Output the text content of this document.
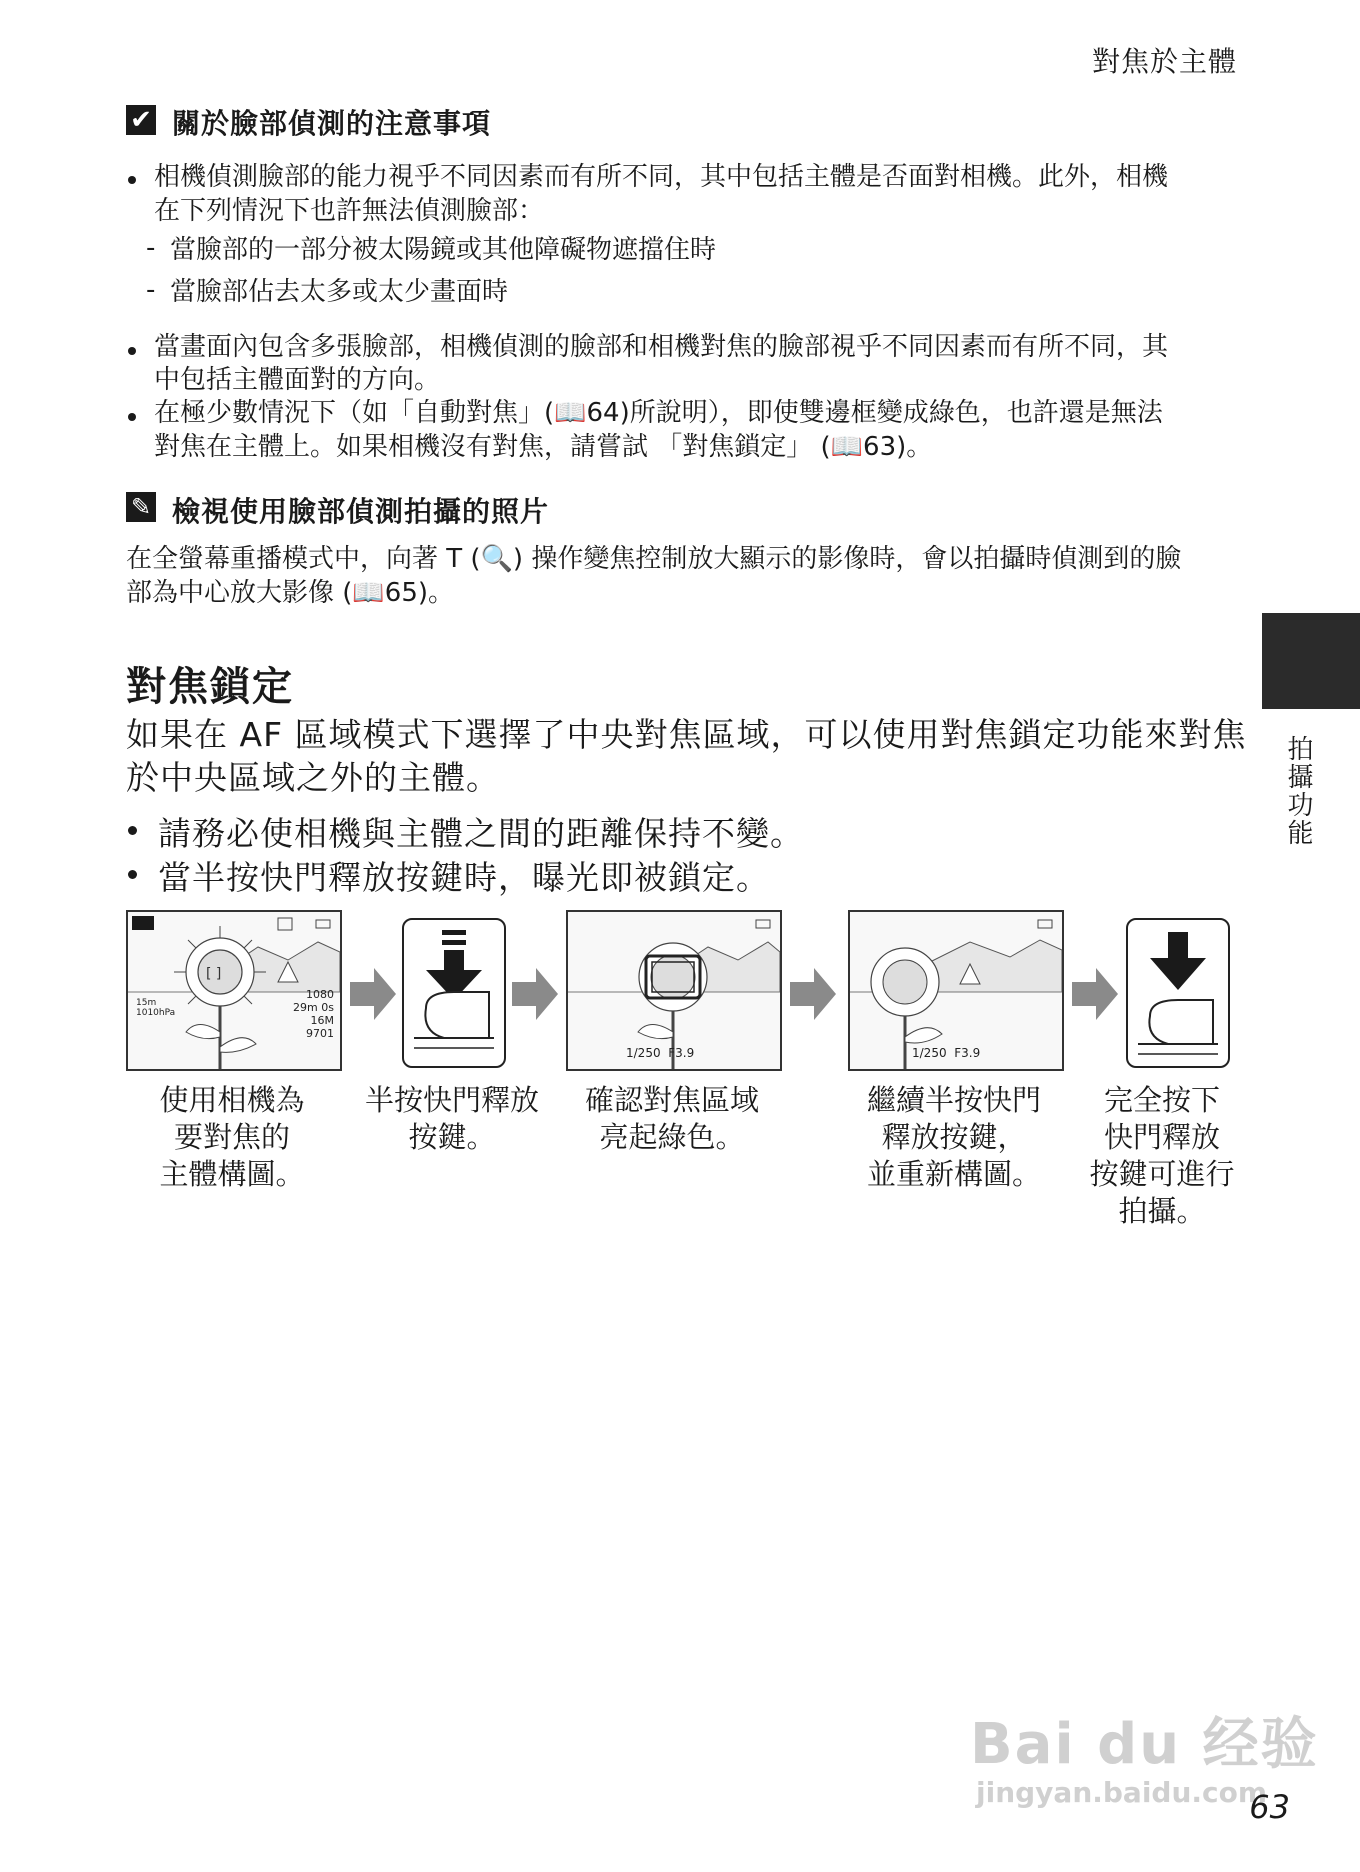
對焦於主體
✔ 關於臉部偵測的注意事項
相機偵測臉部的能力視乎不同因素而有所不同，其中包括主體是否面對相機。此外，相機
在下列情況下也許無法偵測臉部：
- 當臉部的一部分被太陽鏡或其他障礙物遮擋住時
- 當臉部佔去太多或太少畫面時
當畫面內包含多張臉部，相機偵測的臉部和相機對焦的臉部視乎不同因素而有所不同，其
中包括主體面對的方向。
在極少數情況下（如「自動對焦」(📖64)所說明），即使雙邊框變成綠色，也許還是無法
對焦在主體上。如果相機沒有對焦，請嘗試 「對焦鎖定」 (📖63)。
✎ 檢視使用臉部偵測拍攝的照片
在全螢幕重播模式中，向著 T (🔍) 操作變焦控制放大顯示的影像時，會以拍攝時偵測到的臉
部為中心放大影像 (📖65)。
拍攝功能
對焦鎖定
如果在 AF 區域模式下選擇了中央對焦區域，可以使用對焦鎖定功能來對焦
於中央區域之外的主體。
請務必使相機與主體之間的距離保持不變。
當半按快門釋放按鍵時，曝光即被鎖定。
[ ]
15m
1010hPa
1080
29m 0s
16M
9701
1/250 F3.9	1/250 F3.9
使用相機為
要對焦的
主體構圖。
半按快門釋放
按鍵。
確認對焦區域
亮起綠色。
繼續半按快門
釋放按鍵，
並重新構圖。
完全按下
快門釋放
按鍵可進行
拍攝。
Bai du 经验
jingyan.baidu.com
63
